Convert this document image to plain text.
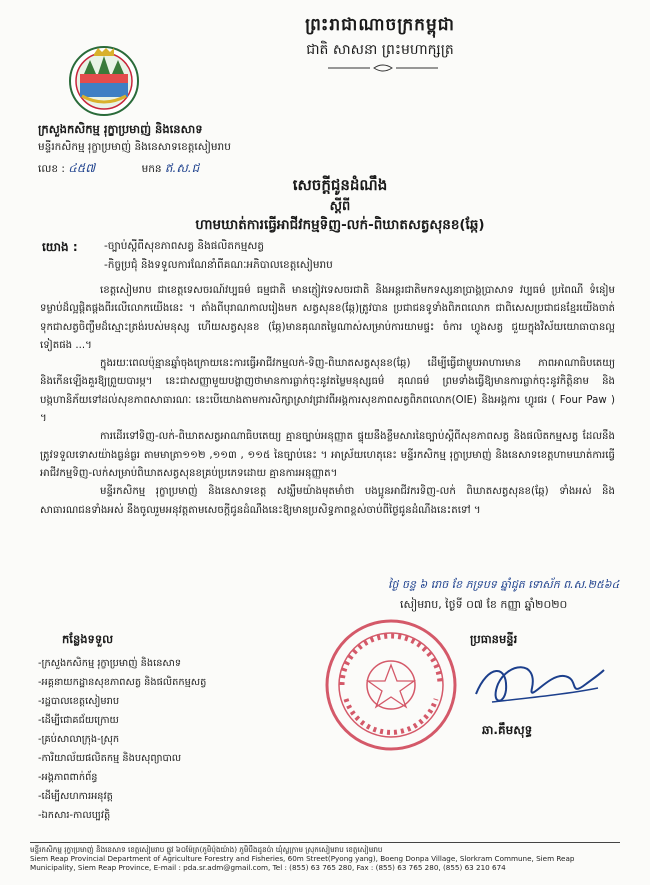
ព្រះរាជាណាចក្រកម្ពុជា
ជាតិ សាសនា ព្រះមហាក្សត្រ
ក្រសួងកសិកម្ម រុក្ខាប្រមាញ់ និងនេសាទ
មន្ទីរកសិកម្ម រុក្ខាប្រមាញ់ និងនេសាទខេត្តសៀមរាប
លេខ : ៤៥៧	មកន ឥ.ស.ជ
សេចក្តីជូនដំណឹង
ស្តីពី
ហាមឃាត់ការធ្វើអាជីវកម្មទិញ-លក់-ពិឃាតសត្វសុនខ(ឆ្កែ)
យោង :	-ច្បាប់ស្តីពីសុខភាពសត្វ និងផលិតកម្មសត្វ
-កិច្ចប្រជុំ និងទទួលការណែនាំពីគណៈអភិបាលខេត្តសៀមរាប

ខេត្តសៀមរាប ជាខេត្តទេសចរណ៍វប្បធម៌ ធម្មជាតិ មានភ្ញៀវទេសចរជាតិ និងអន្តរជាតិមកទស្សនាប្រាង្គប្រាសាទ វប្បធម៌ ប្រពៃណី ទំនៀមទម្លាប់ដ៏ល្អផ្តិតផ្តងពីរលើលោកយើងនេះ ។ តាំងពីបុរាណកាលរៀងមក សត្វសុនខ(ឆ្កែ)ត្រូវបាន ប្រជាជនទូទាំងពិភពលោក ជាពិសេសប្រជាជនខ្មែរយើងចាត់ទុកជាសត្វចិញ្ចឹមដ៏ស្មោះត្រង់របស់មនុស្ស ហើយសត្វសុនខ (ឆ្កែ)មានគុណតម្លៃណាស់សម្រាប់ការយាមផ្ទះ ចំការ ហ្វូងសត្វ ជួយក្នុងវិស័យយោធាបានល្អទៀតផង ...។

ក្នុងរយៈពេលប៉ុន្មានឆ្នាំចុងក្រោយនេះការធ្វើអាជីវកម្មលក់-ទិញ-ពិឃាតសត្វសុនខ(ឆ្កែ) ដើម្បីធ្វើជាម្ហូបអាហារមាន ភាពអាណាធិបតេយ្យ និងកើនឡើងគួរឱ្យព្រួយបារម្ភ។ នេះជាសញ្ញាមួយបង្ហាញថាមានការធ្លាក់ចុះនូវតម្លៃមនុស្សធម៌ គុណធម៌ ព្រមទាំងធ្វើឱ្យមានការធ្លាក់ចុះនូវកិត្តិនាម និងបង្កហានិភ័យទៅដល់សុខភាពសាធារណៈ នេះបើយោងតាមការសិក្សាស្រាវជ្រាវពីអង្គការសុខភាពសត្វពិភពលោក(OIE) និងអង្គការ ហ្វូរផរ ( Four Paw ) ។

ការដើរទៅទិញ-លក់-ពិឃាតសត្វអាណាធិបតេយ្យ គ្មានច្បាប់អនុញ្ញាត ផ្ទុយនឹងខ្លឹមសារនៃច្បាប់ស្តីពីសុខភាពសត្វ និងផលិតកម្មសត្វ ដែលនឹងត្រូវទទួលទោសយ៉ាងធ្ងន់ធ្ងរ តាមមាត្រា១១២ ,១១៣ , ១១៥ នៃច្បាប់នេះ ។ អាស្រ័យហេតុនេះ មន្ទីរកសិកម្ម រុក្ខាប្រមាញ់ និងនេសាទខេត្តហាមឃាត់ការធ្វើអាជីវកម្មទិញ-លក់សម្រាប់ពិឃាតសត្វសុនខគ្រប់ប្រភេទដោយ គ្មានការអនុញ្ញាត។

មន្ទីរកសិកម្ម រុក្ខាប្រមាញ់ និងនេសាទខេត្ត សង្ឃឹមយ៉ាងមុតមាំថា បងប្អូនអាជីវករទិញ-លក់ ពិឃាតសត្វសុនខ(ឆ្កែ) ទាំងអស់ និងសាធារណជនទាំងអស់ នឹងចូលរួមអនុវត្តតាមសេចក្តីជូនដំណឹងនេះឱ្យមានប្រសិទ្ធភាពខ្ពស់ចាប់ពីថ្ងៃជូនដំណឹងនេះតទៅ ។

ថ្ងៃ ចន្ទ ៦ រោច ខែ ភទ្របទ ឆ្នាំជូត ទោស័ក ព.ស.២៥៦៤
សៀមរាប, ថ្ងៃទី ០៧ ខែ កញ្ញា ឆ្នាំ២០២០
ប្រធានមន្ទីរ
ឆា.គឹមសុទ្ធ
កន្លែងទទួល
-ក្រសួងកសិកម្ម រុក្ខាប្រមាញ់ និងនេសាទ
-អគ្គនាយកដ្ឋានសុខភាពសត្វ និងផលិតកម្មសត្វ
-រដ្ឋបាលខេត្តសៀមរាប
-ដើម្បីជោគជ័យក្រោយ
-គ្រប់សាលាក្រុង-ស្រុក
-ការិយាល័យផលិតកម្ម និងបសុព្យាបាល
-អង្គភាពពាក់ព័ន្ធ
-ដើម្បីសហការអនុវត្ត
-ឯកសារ-កាលប្បវត្តិ
មន្ទីរកសិកម្ម រុក្ខាប្រមាញ់ និងនេសាទ ខេត្តសៀមរាប ផ្លូវ ៦០ម៉ែត្រ(ភូមិប៉ុងយ៉ាង) ភូមិបឹងដូនប៉ា ឃុំស្លក្រាម ស្រុកសៀមរាប ខេត្តសៀមរាប
Siem Reap Provincial Department of Agriculture Forestry and Fisheries, 60m Street(Pyong yang), Boeng Donpa Village, Slorkram Commune, Siem Reap Municipality, Siem Reap Province, E-mail : pda.sr.adm@gmail.com, Tel : (855) 63 765 280, Fax : (855) 63 765 280, (855) 63 210 674
